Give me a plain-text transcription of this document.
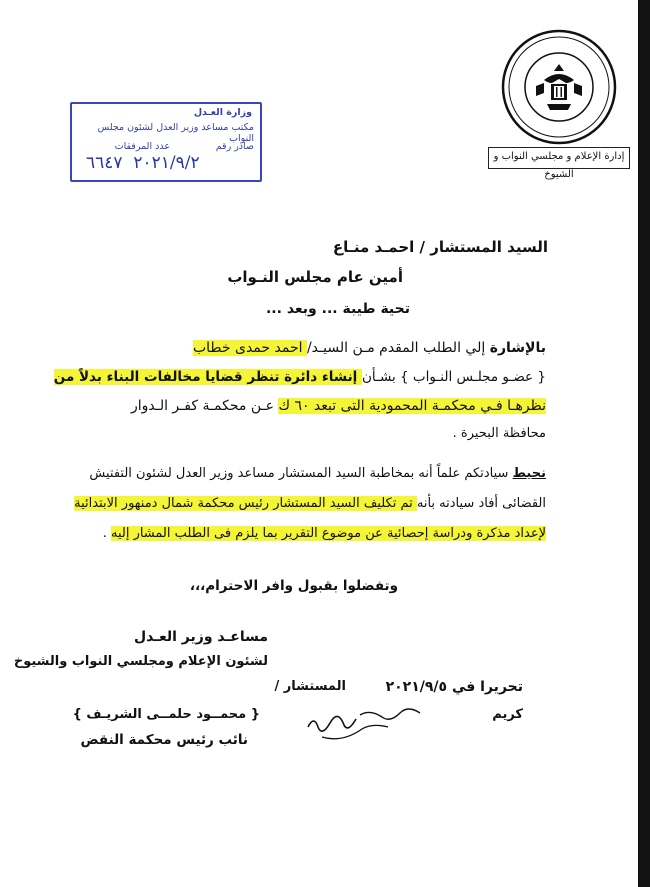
إدارة الإعلام و مجلسي النواب و الشيوخ
وزارة العـدل
مكتب مساعد وزير العدل لشئون مجلس النواب
صادر رقم
عدد المرفقات
٢٠٢١/٩/٢  ٦٦٤٧
السيد المستشار / احمـد منـاع
أمين عام مجلس النـواب
تحية طيبة ... وبعد ...
بالإشارة إلي الطلب المقدم مـن السيـد/ احمد حمدى خطاب
{ عضـو مجلـس النـواب } بشـأن إنشاء دائرة تنظر قضايا مخالفات البناء بدلاً من
نظرهـا فـي محكمـة المحمودية التى تبعد ٦٠ ك عـن محكمـة كفـر الـدوار
محافظة البحيرة .
نحيط سيادتكم علماً أنه بمخاطبة السيد المستشار مساعد وزير العدل لشئون التفتيش
القضائى أفاد سيادته بأنه تم تكليف السيد المستشار رئيس محكمة شمال دمنهور الابتدائية
لإعداد مذكرة ودراسة إحصائية عن موضوع التقرير بما يلزم فى الطلب المشار إليه .
وتفضلوا بقبول وافر الاحترام،،،
مساعـد وزير العـدل
لشئون الإعلام ومجلسي النواب والشيوخ
المستشار /	تحريرا في ٢٠٢١/٩/٥
{ محمــود حلمــى الشريـف }	كريم
نائب رئيس محكمة النقض
